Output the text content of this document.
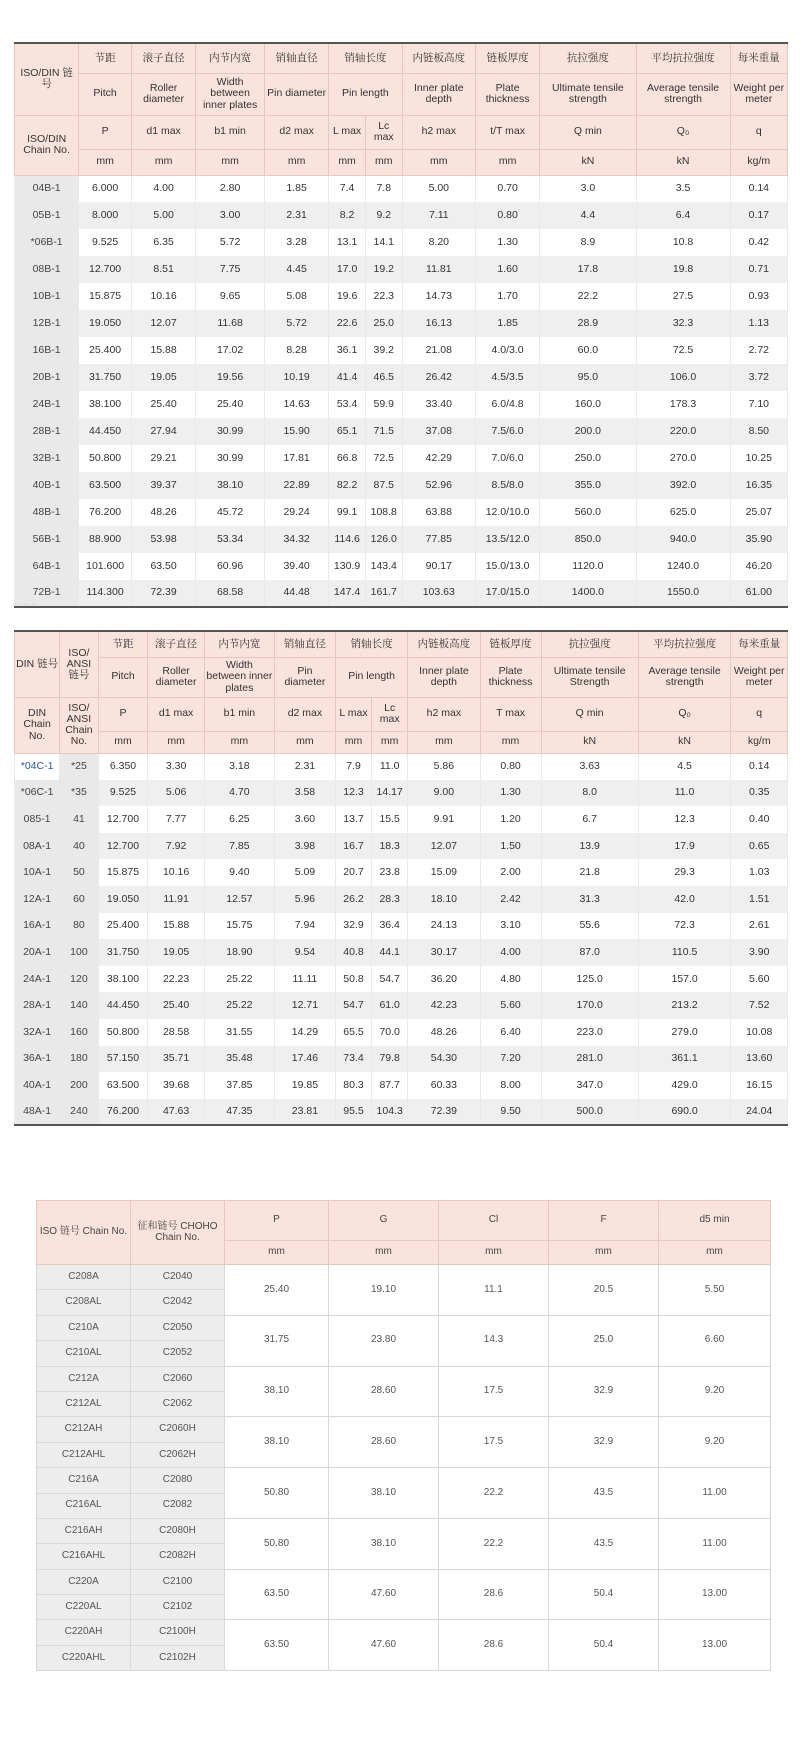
ISO/DIN 链号	节距	滚子直径	内节内宽	销轴直径	销轴长度		内链板高度	链板厚度	抗拉强度	平均抗拉强度	每米重量
	Pitch	Roller diameter	Width between inner plates	Pin diameter	Pin length		Inner plate depth	Plate thickness	Ultimate tensile strength	Average tensile strength	Weight per meter
ISO/DIN Chain No.	P	d1 max	b1 min	d2 max	L max	Lc max	h2 max	t/T max	Q min	Q₀	q
	mm	mm	mm	mm	mm	mm	mm	mm	kN	kN	kg/m
04B-1	6.000	4.00	2.80	1.85	7.4	7.8	5.00	0.70	3.0	3.5	0.14
05B-1	8.000	5.00	3.00	2.31	8.2	9.2	7.11	0.80	4.4	6.4	0.17
*06B-1	9.525	6.35	5.72	3.28	13.1	14.1	8.20	1.30	8.9	10.8	0.42
08B-1	12.700	8.51	7.75	4.45	17.0	19.2	11.81	1.60	17.8	19.8	0.71
10B-1	15.875	10.16	9.65	5.08	19.6	22.3	14.73	1.70	22.2	27.5	0.93
12B-1	19.050	12.07	11.68	5.72	22.6	25.0	16.13	1.85	28.9	32.3	1.13
16B-1	25.400	15.88	17.02	8.28	36.1	39.2	21.08	4.0/3.0	60.0	72.5	2.72
20B-1	31.750	19.05	19.56	10.19	41.4	46.5	26.42	4.5/3.5	95.0	106.0	3.72
24B-1	38.100	25.40	25.40	14.63	53.4	59.9	33.40	6.0/4.8	160.0	178.3	7.10
28B-1	44.450	27.94	30.99	15.90	65.1	71.5	37.08	7.5/6.0	200.0	220.0	8.50
32B-1	50.800	29.21	30.99	17.81	66.8	72.5	42.29	7.0/6.0	250.0	270.0	10.25
40B-1	63.500	39.37	38.10	22.89	82.2	87.5	52.96	8.5/8.0	355.0	392.0	16.35
48B-1	76.200	48.26	45.72	29.24	99.1	108.8	63.88	12.0/10.0	560.0	625.0	25.07
56B-1	88.900	53.98	53.34	34.32	114.6	126.0	77.85	13.5/12.0	850.0	940.0	35.90
64B-1	101.600	63.50	60.96	39.40	130.9	143.4	90.17	15.0/13.0	1120.0	1240.0	46.20
72B-1	114.300	72.39	68.58	44.48	147.4	161.7	103.63	17.0/15.0	1400.0	1550.0	61.00
… ……
DIN 链号	ISO/ ANSI 链号	节距	滚子直径	内节内宽	销轴直径	销轴长度		内链板高度	链板厚度	抗拉强度	平均抗拉强度	每米重量
		Pitch	Roller diameter	Width between inner plates	Pin diameter	Pin length		Inner plate depth	Plate thickness	Ultimate tensile Strength	Average tensile strength	Weight per meter
DIN Chain No.	ISO/ ANSI Chain No.	P	d1 max	b1 min	d2 max	L max	Lc max	h2 max	T max	Q min	Q₀	q
		mm	mm	mm	mm	mm	mm	mm	mm	kN	kN	kg/m
*04C-1	*25	6.350	3.30	3.18	2.31	7.9	11.0	5.86	0.80	3.63	4.5	0.14
*06C-1	*35	9.525	5.06	4.70	3.58	12.3	14.17	9.00	1.30	8.0	11.0	0.35
085-1	41	12.700	7.77	6.25	3.60	13.7	15.5	9.91	1.20	6.7	12.3	0.40
08A-1	40	12.700	7.92	7.85	3.98	16.7	18.3	12.07	1.50	13.9	17.9	0.65
10A-1	50	15.875	10.16	9.40	5.09	20.7	23.8	15.09	2.00	21.8	29.3	1.03
12A-1	60	19.050	11.91	12.57	5.96	26.2	28.3	18.10	2.42	31.3	42.0	1.51
16A-1	80	25.400	15.88	15.75	7.94	32.9	36.4	24.13	3.10	55.6	72.3	2.61
20A-1	100	31.750	19.05	18.90	9.54	40.8	44.1	30.17	4.00	87.0	110.5	3.90
24A-1	120	38.100	22.23	25.22	11.11	50.8	54.7	36.20	4.80	125.0	157.0	5.60
28A-1	140	44.450	25.40	25.22	12.71	54.7	61.0	42.23	5.60	170.0	213.2	7.52
32A-1	160	50.800	28.58	31.55	14.29	65.5	70.0	48.26	6.40	223.0	279.0	10.08
36A-1	180	57.150	35.71	35.48	17.46	73.4	79.8	54.30	7.20	281.0	361.1	13.60
40A-1	200	63.500	39.68	37.85	19.85	80.3	87.7	60.33	8.00	347.0	429.0	16.15
48A-1	240	76.200	47.63	47.35	23.81	95.5	104.3	72.39	9.50	500.0	690.0	24.04
ISO 链号 Chain No.	征和链号 CHOHO Chain No.	P	G	Cl	F	d5 min
		mm	mm	mm	mm	mm
C208A	C2040	25.40	19.10	11.1	20.5	5.50
C208AL	C2042					
C210A	C2050	31.75	23.80	14.3	25.0	6.60
C210AL	C2052					
C212A	C2060	38.10	28.60	17.5	32.9	9.20
C212AL	C2062					
C212AH	C2060H	38.10	28.60	17.5	32.9	9.20
C212AHL	C2062H					
C216A	C2080	50.80	38.10	22.2	43.5	11.00
C216AL	C2082					
C216AH	C2080H	50.80	38.10	22.2	43.5	11.00
C216AHL	C2082H					
C220A	C2100	63.50	47.60	28.6	50.4	13.00
C220AL	C2102					
C220AH	C2100H	63.50	47.60	28.6	50.4	13.00
C220AHL	C2102H					
